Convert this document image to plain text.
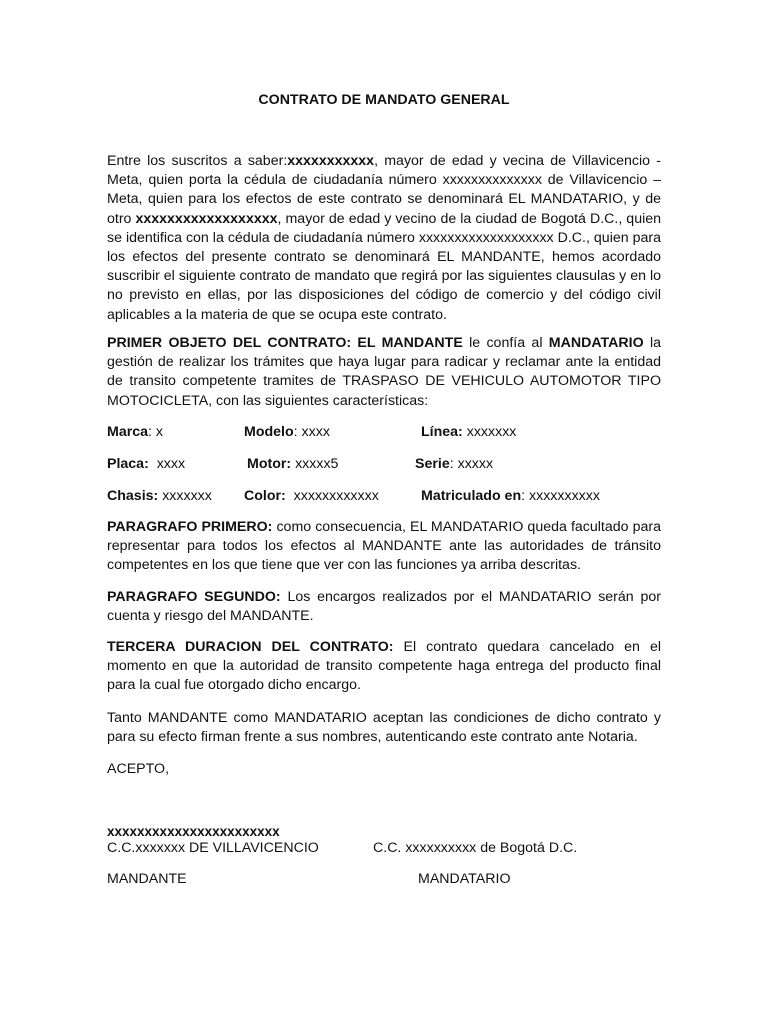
CONTRATO DE MANDATO GENERAL

Entre los suscritos a saber:xxxxxxxxxxx, mayor de edad y vecina de Villavicencio - Meta, quien porta la cédula de ciudadanía número xxxxxxxxxxxxxx de Villavicencio – Meta, quien para los efectos de este contrato se denominará EL MANDATARIO, y de otro xxxxxxxxxxxxxxxxxx, mayor de edad y vecino de la ciudad de Bogotá D.C., quien se identifica con la cédula de ciudadanía número xxxxxxxxxxxxxxxxxxx D.C., quien para los efectos del presente contrato se denominará EL MANDANTE, hemos acordado suscribir el siguiente contrato de mandato que regirá por las siguientes clausulas y en lo no previsto en ellas, por las disposiciones del código de comercio y del código civil aplicables a la materia de que se ocupa este contrato.

PRIMER OBJETO DEL CONTRATO: EL MANDANTE le confía al MANDATARIO la gestión de realizar los trámites que haya lugar para radicar y reclamar ante la entidad de transito competente tramites de TRASPASO DE VEHICULO AUTOMOTOR TIPO MOTOCICLETA, con las siguientes características:

Marca: x	Modelo: xxxx	Línea: xxxxxxx
Placa:  xxxx	Motor: xxxxx5	Serie: xxxxx
Chasis: xxxxxxx Color:  xxxxxxxxxxxx	Matriculado en: xxxxxxxxxx

PARAGRAFO PRIMERO: como consecuencia, EL MANDATARIO queda facultado para representar para todos los efectos al MANDANTE ante las autoridades de tránsito competentes en los que tiene que ver con las funciones ya arriba descritas.

PARAGRAFO SEGUNDO: Los encargos realizados por el MANDATARIO serán por cuenta y riesgo del MANDANTE.

TERCERA DURACION DEL CONTRATO: El contrato quedara cancelado en el momento en que la autoridad de transito competente haga entrega del producto final para la cual fue otorgado dicho encargo.

Tanto MANDANTE como MANDATARIO aceptan las condiciones de dicho contrato y para su efecto firman frente a sus nombres, autenticando este contrato ante Notaria.

ACEPTO,
xxxxxxxxxxxxxxxxxxxxxxx
C.C.xxxxxxx DE VILLAVICENCIO	C.C. xxxxxxxxxx de Bogotá D.C.
MANDANTE	MANDATARIO
